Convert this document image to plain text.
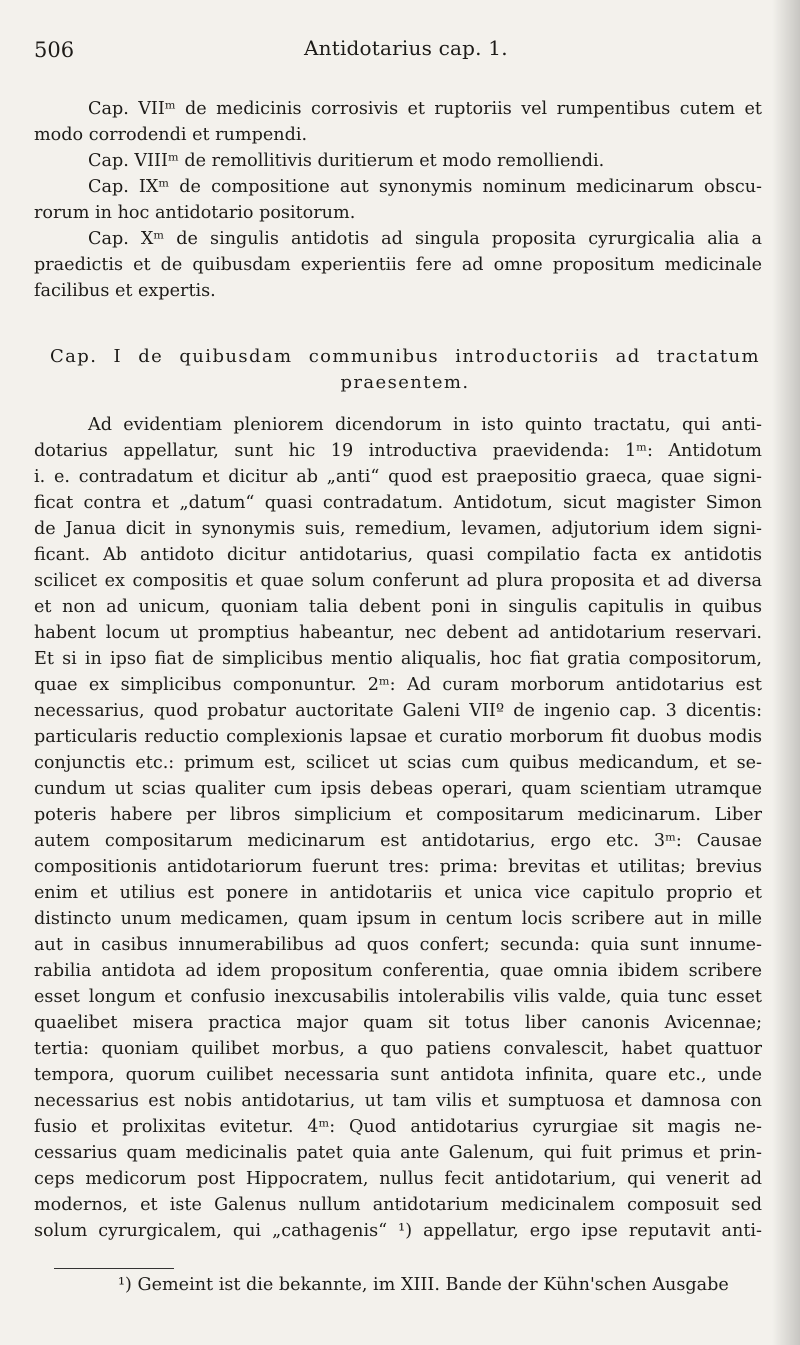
506	Antidotarius cap. 1.
Cap. VIIᵐ de medicinis corrosivis et ruptoriis vel rumpentibus cutem et
modo corrodendi et rumpendi.
Cap. VIIIᵐ de remollitivis duritierum et modo remolliendi.
Cap. IXᵐ de compositione aut synonymis nominum medicinarum obscu-
rorum in hoc antidotario positorum.
Cap. Xᵐ de singulis antidotis ad singula proposita cyrurgicalia alia a
praedictis et de quibusdam experientiis fere ad omne propositum medicinale
facilibus et expertis.
Cap. I de quibusdam communibus introductoriis ad tractatum
praesentem.
Ad evidentiam pleniorem dicendorum in isto quinto tractatu, qui anti-
dotarius appellatur, sunt hic 19 introductiva praevidenda: 1ᵐ: Antidotum
i. e. contradatum et dicitur ab „anti“ quod est praepositio graeca, quae signi-
ficat contra et „datum“ quasi contradatum. Antidotum, sicut magister Simon
de Janua dicit in synonymis suis, remedium, levamen, adjutorium idem signi-
ficant. Ab antidoto dicitur antidotarius, quasi compilatio facta ex antidotis
scilicet ex compositis et quae solum conferunt ad plura proposita et ad diversa
et non ad unicum, quoniam talia debent poni in singulis capitulis in quibus
habent locum ut promptius habeantur, nec debent ad antidotarium reservari.
Et si in ipso fiat de simplicibus mentio aliqualis, hoc fiat gratia compositorum,
quae ex simplicibus componuntur. 2ᵐ: Ad curam morborum antidotarius est
necessarius, quod probatur auctoritate Galeni VIIº de ingenio cap. 3 dicentis:
particularis reductio complexionis lapsae et curatio morborum fit duobus modis
conjunctis etc.: primum est, scilicet ut scias cum quibus medicandum, et se-
cundum ut scias qualiter cum ipsis debeas operari, quam scientiam utramque
poteris habere per libros simplicium et compositarum medicinarum. Liber
autem compositarum medicinarum est antidotarius, ergo etc. 3ᵐ: Causae
compositionis antidotariorum fuerunt tres: prima: brevitas et utilitas; brevius
enim et utilius est ponere in antidotariis et unica vice capitulo proprio et
distincto unum medicamen, quam ipsum in centum locis scribere aut in mille
aut in casibus innumerabilibus ad quos confert; secunda: quia sunt innume-
rabilia antidota ad idem propositum conferentia, quae omnia ibidem scribere
esset longum et confusio inexcusabilis intolerabilis vilis valde, quia tunc esset
quaelibet misera practica major quam sit totus liber canonis Avicennae;
tertia: quoniam quilibet morbus, a quo patiens convalescit, habet quattuor
tempora, quorum cuilibet necessaria sunt antidota infinita, quare etc., unde
necessarius est nobis antidotarius, ut tam vilis et sumptuosa et damnosa con
fusio et prolixitas evitetur. 4ᵐ: Quod antidotarius cyrurgiae sit magis ne-
cessarius quam medicinalis patet quia ante Galenum, qui fuit primus et prin-
ceps medicorum post Hippocratem, nullus fecit antidotarium, qui venerit ad
modernos, et iste Galenus nullum antidotarium medicinalem composuit sed
solum cyrurgicalem, qui „cathagenis“ ¹) appellatur, ergo ipse reputavit anti-
¹) Gemeint ist die bekannte, im XIII. Bande der Kühn'schen Ausgabe
